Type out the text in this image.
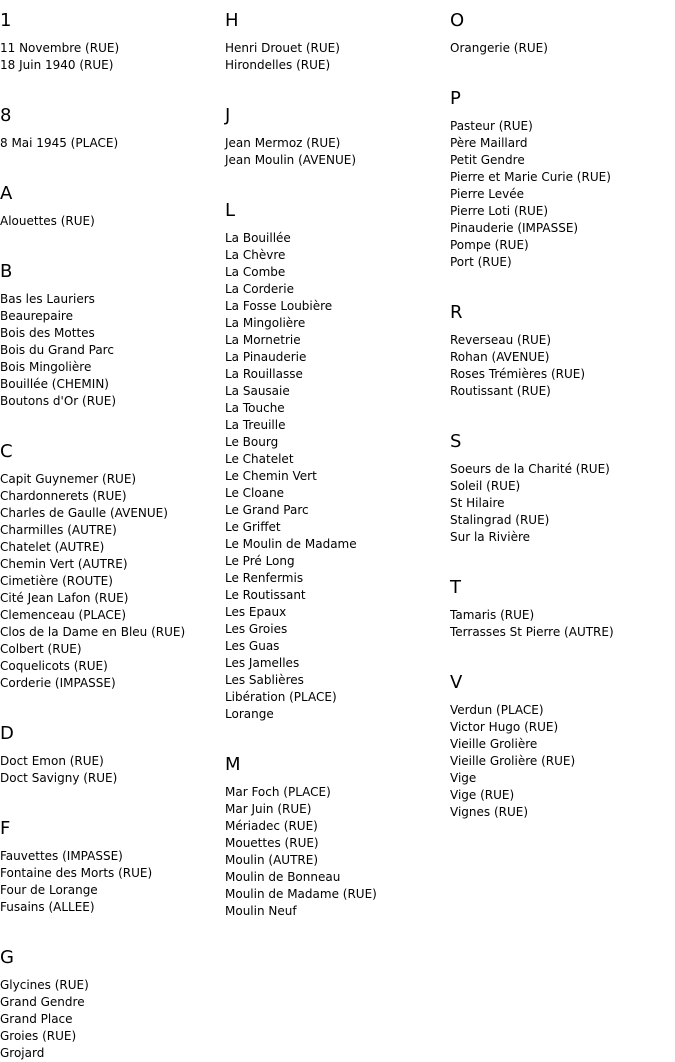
1
11 Novembre (RUE)
18 Juin 1940 (RUE)
8
8 Mai 1945 (PLACE)
A
Alouettes (RUE)
B
Bas les Lauriers
Beaurepaire
Bois des Mottes
Bois du Grand Parc
Bois Mingolière
Bouillée (CHEMIN)
Boutons d'Or (RUE)
C
Capit Guynemer (RUE)
Chardonnerets (RUE)
Charles de Gaulle (AVENUE)
Charmilles (AUTRE)
Chatelet (AUTRE)
Chemin Vert (AUTRE)
Cimetière (ROUTE)
Cité Jean Lafon (RUE)
Clemenceau (PLACE)
Clos de la Dame en Bleu (RUE)
Colbert (RUE)
Coquelicots (RUE)
Corderie (IMPASSE)
D
Doct Emon (RUE)
Doct Savigny (RUE)
F
Fauvettes (IMPASSE)
Fontaine des Morts (RUE)
Four de Lorange
Fusains (ALLEE)
G
Glycines (RUE)
Grand Gendre
Grand Place
Groies (RUE)
Grojard
H
Henri Drouet (RUE)
Hirondelles (RUE)
J
Jean Mermoz (RUE)
Jean Moulin (AVENUE)
L
La Bouillée
La Chèvre
La Combe
La Corderie
La Fosse Loubière
La Mingolière
La Mornetrie
La Pinauderie
La Rouillasse
La Sausaie
La Touche
La Treuille
Le Bourg
Le Chatelet
Le Chemin Vert
Le Cloane
Le Grand Parc
Le Griffet
Le Moulin de Madame
Le Pré Long
Le Renfermis
Le Routissant
Les Epaux
Les Groies
Les Guas
Les Jamelles
Les Sablières
Libération (PLACE)
Lorange
M
Mar Foch (PLACE)
Mar Juin (RUE)
Mériadec (RUE)
Mouettes (RUE)
Moulin (AUTRE)
Moulin de Bonneau
Moulin de Madame (RUE)
Moulin Neuf
O
Orangerie (RUE)
P
Pasteur (RUE)
Père Maillard
Petit Gendre
Pierre et Marie Curie (RUE)
Pierre Levée
Pierre Loti (RUE)
Pinauderie (IMPASSE)
Pompe (RUE)
Port (RUE)
R
Reverseau (RUE)
Rohan (AVENUE)
Roses Trémières (RUE)
Routissant (RUE)
S
Soeurs de la Charité (RUE)
Soleil (RUE)
St Hilaire
Stalingrad (RUE)
Sur la Rivière
T
Tamaris (RUE)
Terrasses St Pierre (AUTRE)
V
Verdun (PLACE)
Victor Hugo (RUE)
Vieille Grolière
Vieille Grolière (RUE)
Vige
Vige (RUE)
Vignes (RUE)
